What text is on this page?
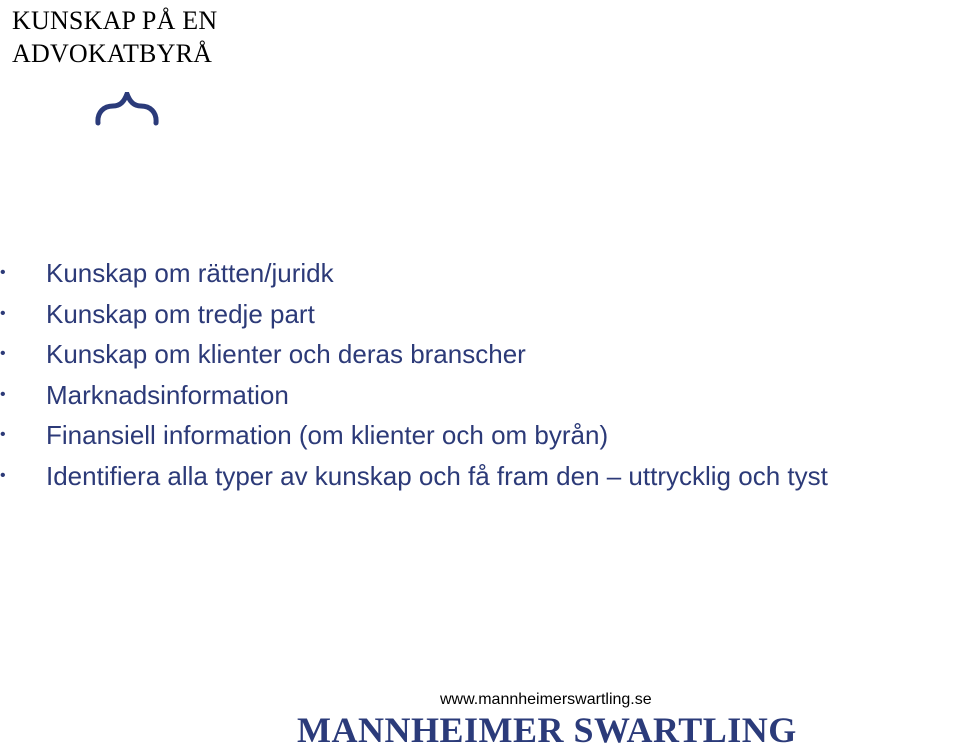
KUNSKAP PÅ EN
ADVOKATBYRÅ
• Kunskap om rätten/juridk
• Kunskap om tredje part
• Kunskap om klienter och deras branscher
• Marknadsinformation
• Finansiell information (om klienter och om byrån)
• Identifiera alla typer av kunskap och få fram den – uttrycklig och tyst
www.mannheimerswartling.se
MANNHEIMER SWARTLING
